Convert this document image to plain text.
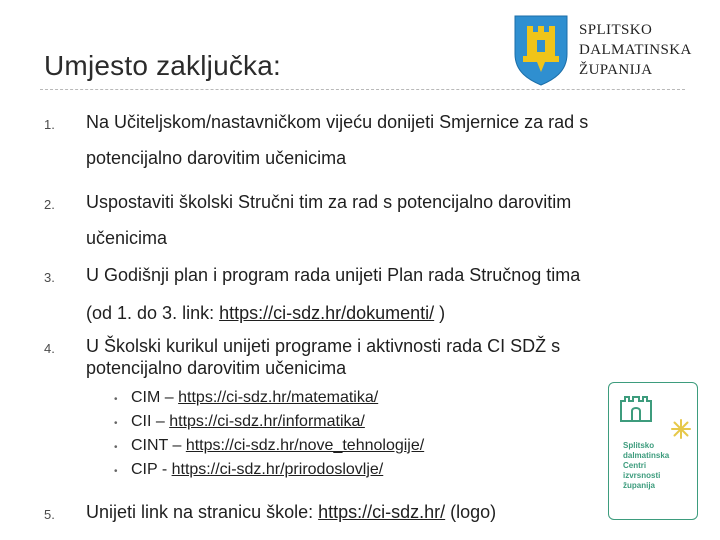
Umjesto zaključka:
SPLITSKO
DALMATINSKA
ŽUPANIJA
1. Na Učiteljskom/nastavničkom vijeću donijeti Smjernice za rad s
potencijalno darovitim učenicima
2. Uspostaviti školski Stručni tim za rad s potencijalno darovitim
učenicima
3. U Godišnji plan i program rada unijeti Plan rada Stručnog tima
(od 1. do 3. link: https://ci-sdz.hr/dokumenti/ )
4. U Školski kurikul unijeti programe i aktivnosti rada CI SDŽ s
potencijalno darovitim učenicima
• CIM – https://ci-sdz.hr/matematika/
• CII – https://ci-sdz.hr/informatika/
• CINT – https://ci-sdz.hr/nove_tehnologije/
• CIP - https://ci-sdz.hr/prirodoslovlje/
5. Unijeti link na stranicu škole: https://ci-sdz.hr/ (logo)
Splitsko
dalmatinska
Centri
izvrsnosti
županija
